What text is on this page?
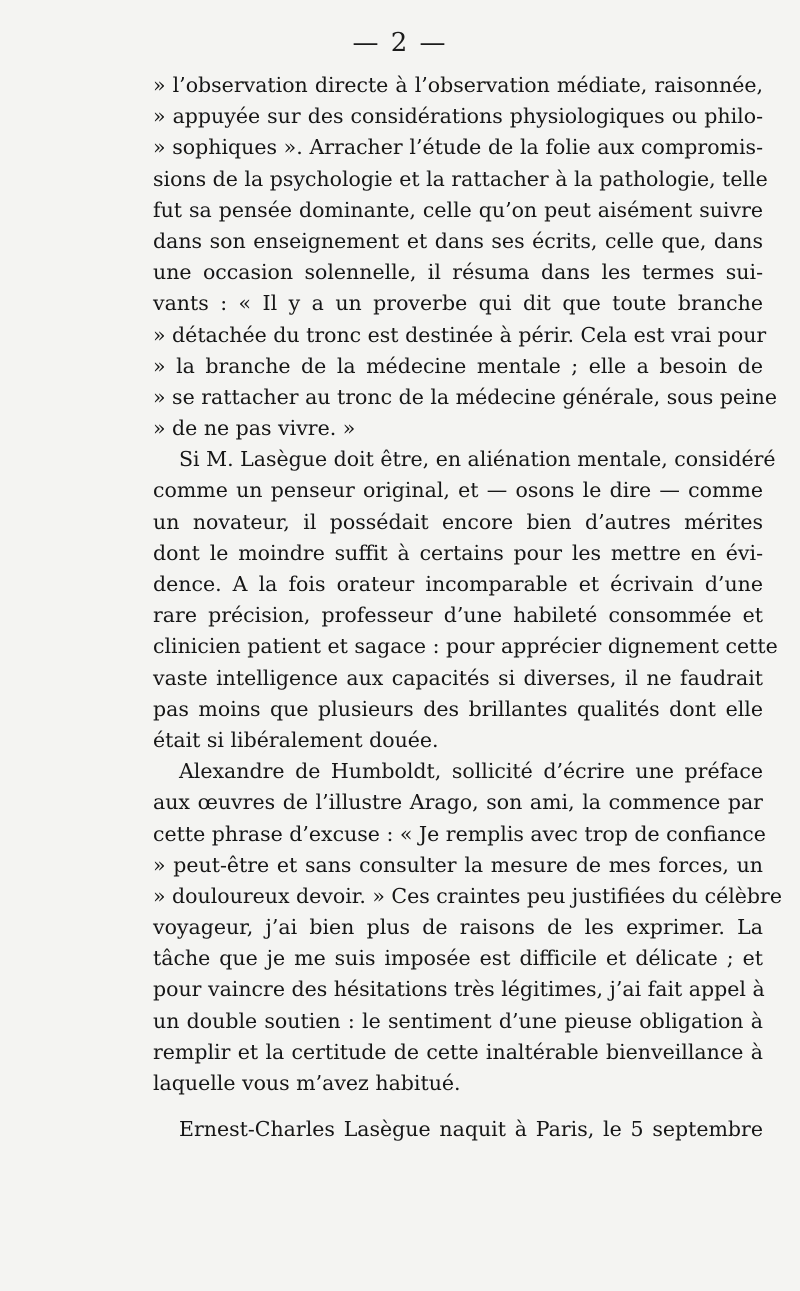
— 2 —
» l’observation directe à l’observation médiate, raisonnée,
» appuyée sur des considérations physiologiques ou philo-
» sophiques ». Arracher l’étude de la folie aux compromis-
sions de la psychologie et la rattacher à la pathologie, telle
fut sa pensée dominante, celle qu’on peut aisément suivre
dans son enseignement et dans ses écrits, celle que, dans
une occasion solennelle, il résuma dans les termes sui-
vants : « Il y a un proverbe qui dit que toute branche
» détachée du tronc est destinée à périr. Cela est vrai pour
» la branche de la médecine mentale ; elle a besoin de
» se rattacher au tronc de la médecine générale, sous peine
» de ne pas vivre. »
Si M. Lasègue doit être, en aliénation mentale, considéré
comme un penseur original, et — osons le dire — comme
un novateur, il possédait encore bien d’autres mérites
dont le moindre suffit à certains pour les mettre en évi-
dence. A la fois orateur incomparable et écrivain d’une
rare précision, professeur d’une habileté consommée et
clinicien patient et sagace : pour apprécier dignement cette
vaste intelligence aux capacités si diverses, il ne faudrait
pas moins que plusieurs des brillantes qualités dont elle
était si libéralement douée.
Alexandre de Humboldt, sollicité d’écrire une préface
aux œuvres de l’illustre Arago, son ami, la commence par
cette phrase d’excuse : « Je remplis avec trop de confiance
» peut-être et sans consulter la mesure de mes forces, un
» douloureux devoir. » Ces craintes peu justifiées du célèbre
voyageur, j’ai bien plus de raisons de les exprimer. La
tâche que je me suis imposée est difficile et délicate ; et
pour vaincre des hésitations très légitimes, j’ai fait appel à
un double soutien : le sentiment d’une pieuse obligation à
remplir et la certitude de cette inaltérable bienveillance à
laquelle vous m’avez habitué.
Ernest-Charles Lasègue naquit à Paris, le 5 septembre
